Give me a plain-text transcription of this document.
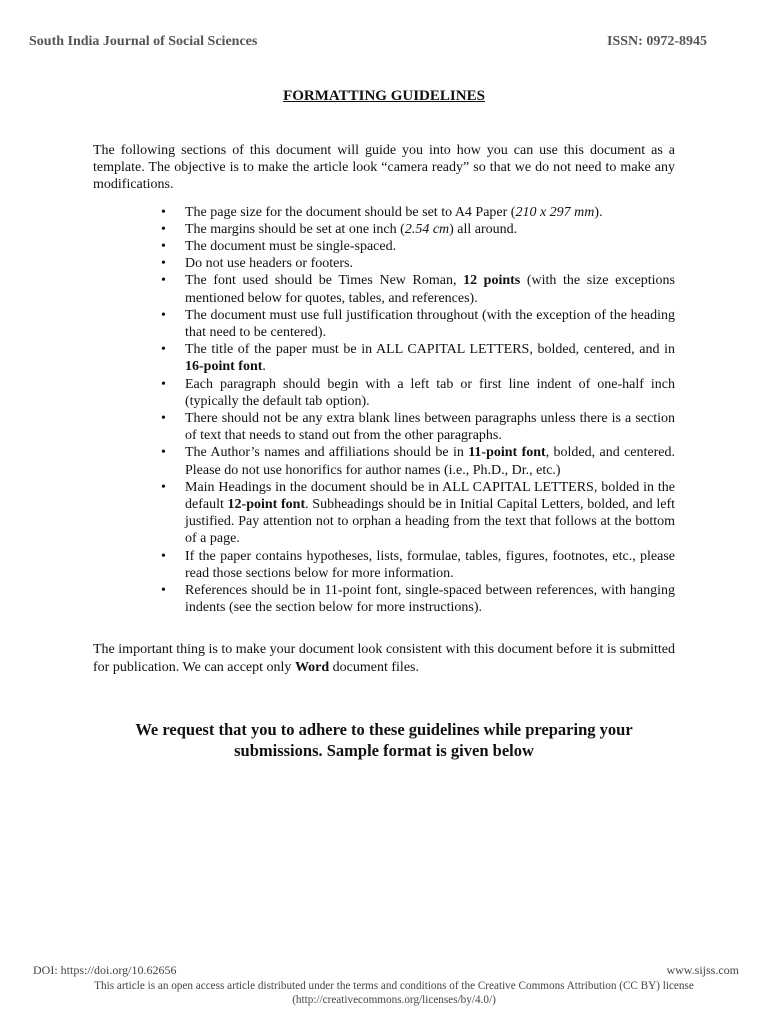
South India Journal of Social Sciences	ISSN: 0972-8945
FORMATTING GUIDELINES

The following sections of this document will guide you into how you can use this document as a template. The objective is to make the article look “camera ready” so that we do not need to make any modifications.

• The page size for the document should be set to A4 Paper (210 x 297 mm).
• The margins should be set at one inch (2.54 cm) all around.
• The document must be single-spaced.
• Do not use headers or footers.
• The font used should be Times New Roman, 12 points (with the size exceptions mentioned below for quotes, tables, and references).
• The document must use full justification throughout (with the exception of the heading that need to be centered).
• The title of the paper must be in ALL CAPITAL LETTERS, bolded, centered, and in 16-point font.
• Each paragraph should begin with a left tab or first line indent of one-half inch (typically the default tab option).
• There should not be any extra blank lines between paragraphs unless there is a section of text that needs to stand out from the other paragraphs.
• The Author’s names and affiliations should be in 11-point font, bolded, and centered. Please do not use honorifics for author names (i.e., Ph.D., Dr., etc.)
• Main Headings in the document should be in ALL CAPITAL LETTERS, bolded in the default 12-point font. Subheadings should be in Initial Capital Letters, bolded, and left justified. Pay attention not to orphan a heading from the text that follows at the bottom of a page.
• If the paper contains hypotheses, lists, formulae, tables, figures, footnotes, etc., please read those sections below for more information.
• References should be in 11-point font, single-spaced between references, with hanging indents (see the section below for more instructions).

The important thing is to make your document look consistent with this document before it is submitted for publication. We can accept only Word document files.

We request that you to adhere to these guidelines while preparing your
submissions. Sample format is given below
DOI: https://doi.org/10.62656	www.sijss.com
This article is an open access article distributed under the terms and conditions of the Creative Commons Attribution (CC BY) license
(http://creativecommons.org/licenses/by/4.0/)
